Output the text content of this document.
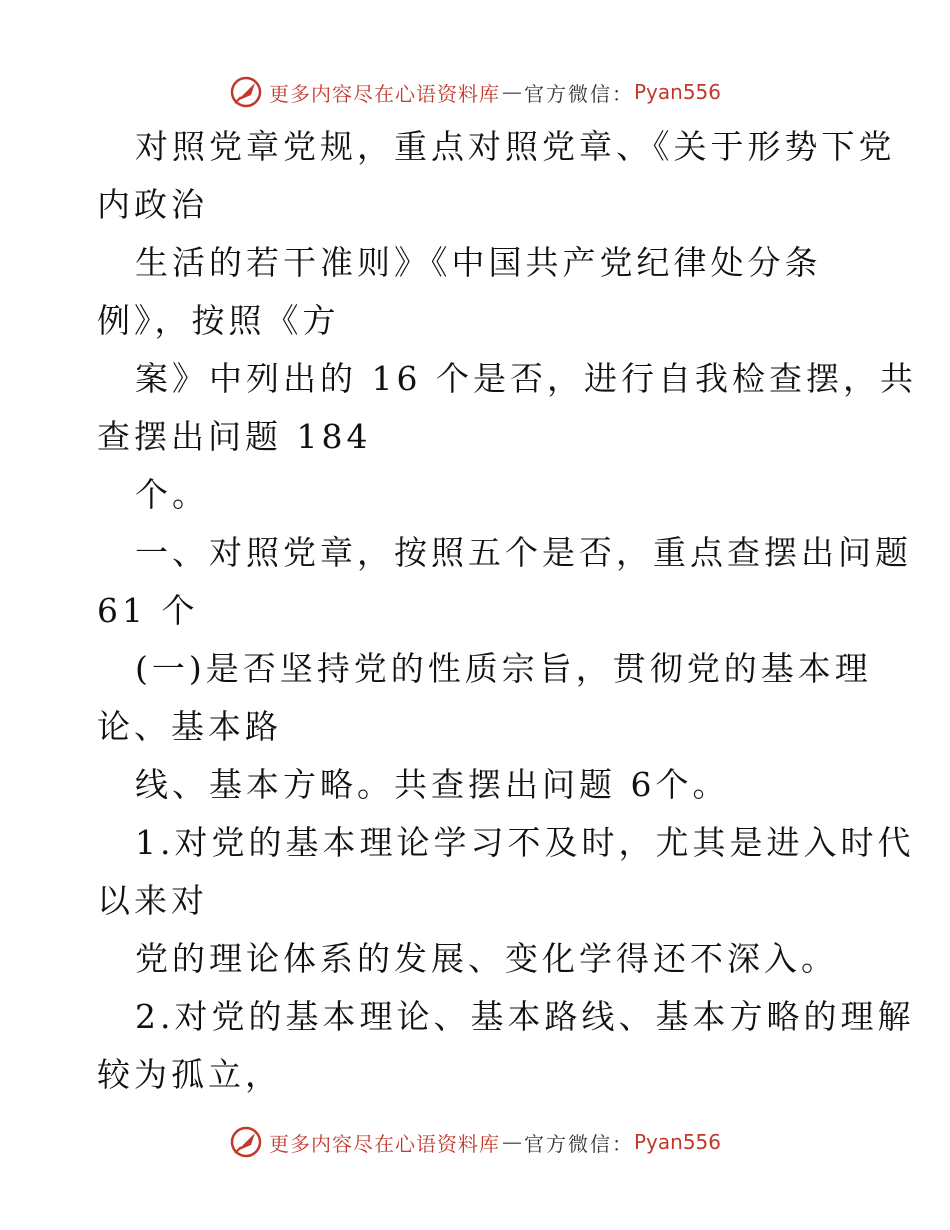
更多内容尽在心语资料库 — 官方微信： Pyan556
对照党章党规，重点对照党章、《关于形势下党
内政治
生活的若干准则》《中国共产党纪律处分条
例》，按照《方
案》中列出的 16 个是否，进行自我检查摆，共
查摆出问题 184
个。
一、对照党章，按照五个是否，重点查摆出问题
61 个
(一)是否坚持党的性质宗旨，贯彻党的基本理
论、基本路
线、基本方略。共查摆出问题 6个。
1.对党的基本理论学习不及时，尤其是进入时代
以来对
党的理论体系的发展、变化学得还不深入。
2.对党的基本理论、基本路线、基本方略的理解
较为孤立，
更多内容尽在心语资料库 — 官方微信： Pyan556
